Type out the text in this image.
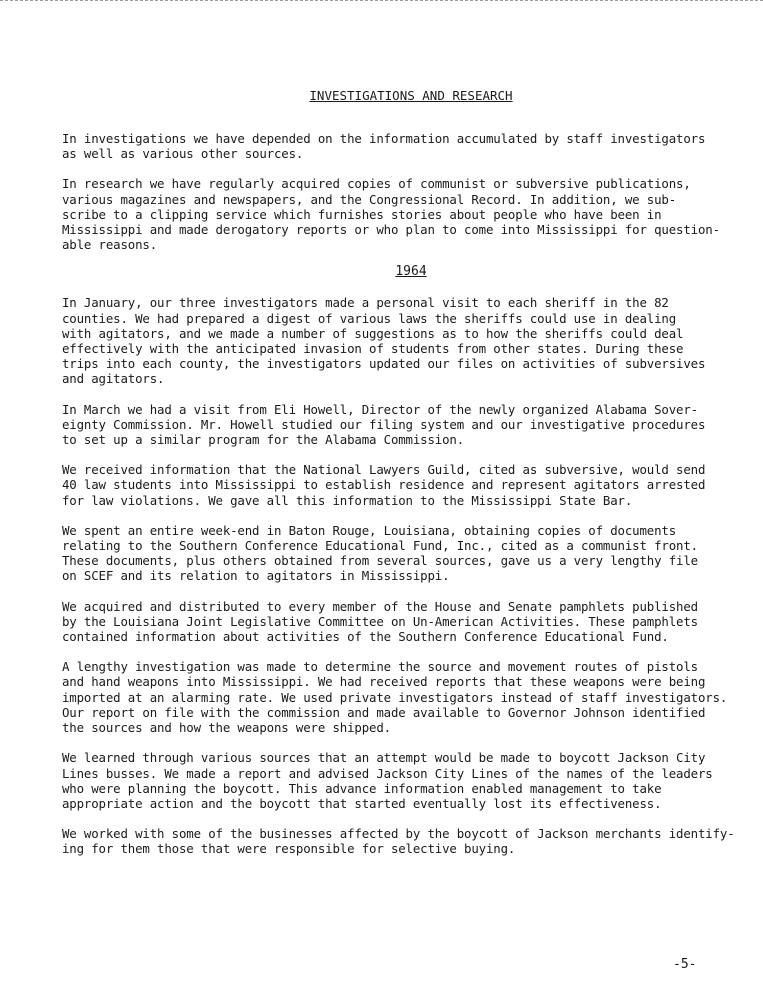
INVESTIGATIONS AND RESEARCH
In investigations we have depended on the information accumulated by staff investigators
as well as various other sources.
In research we have regularly acquired copies of communist or subversive publications,
various magazines and newspapers, and the Congressional Record. In addition, we sub-
scribe to a clipping service which furnishes stories about people who have been in
Mississippi and made derogatory reports or who plan to come into Mississippi for question-
able reasons.
1964
In January, our three investigators made a personal visit to each sheriff in the 82
counties. We had prepared a digest of various laws the sheriffs could use in dealing
with agitators, and we made a number of suggestions as to how the sheriffs could deal
effectively with the anticipated invasion of students from other states. During these
trips into each county, the investigators updated our files on activities of subversives
and agitators.
In March we had a visit from Eli Howell, Director of the newly organized Alabama Sover-
eignty Commission. Mr. Howell studied our filing system and our investigative procedures
to set up a similar program for the Alabama Commission.
We received information that the National Lawyers Guild, cited as subversive, would send
40 law students into Mississippi to establish residence and represent agitators arrested
for law violations. We gave all this information to the Mississippi State Bar.
We spent an entire week-end in Baton Rouge, Louisiana, obtaining copies of documents
relating to the Southern Conference Educational Fund, Inc., cited as a communist front.
These documents, plus others obtained from several sources, gave us a very lengthy file
on SCEF and its relation to agitators in Mississippi.
We acquired and distributed to every member of the House and Senate pamphlets published
by the Louisiana Joint Legislative Committee on Un-American Activities. These pamphlets
contained information about activities of the Southern Conference Educational Fund.
A lengthy investigation was made to determine the source and movement routes of pistols
and hand weapons into Mississippi. We had received reports that these weapons were being
imported at an alarming rate. We used private investigators instead of staff investigators.
Our report on file with the commission and made available to Governor Johnson identified
the sources and how the weapons were shipped.
We learned through various sources that an attempt would be made to boycott Jackson City
Lines busses. We made a report and advised Jackson City Lines of the names of the leaders
who were planning the boycott. This advance information enabled management to take
appropriate action and the boycott that started eventually lost its effectiveness.
We worked with some of the businesses affected by the boycott of Jackson merchants identify-
ing for them those that were responsible for selective buying.
-5-
